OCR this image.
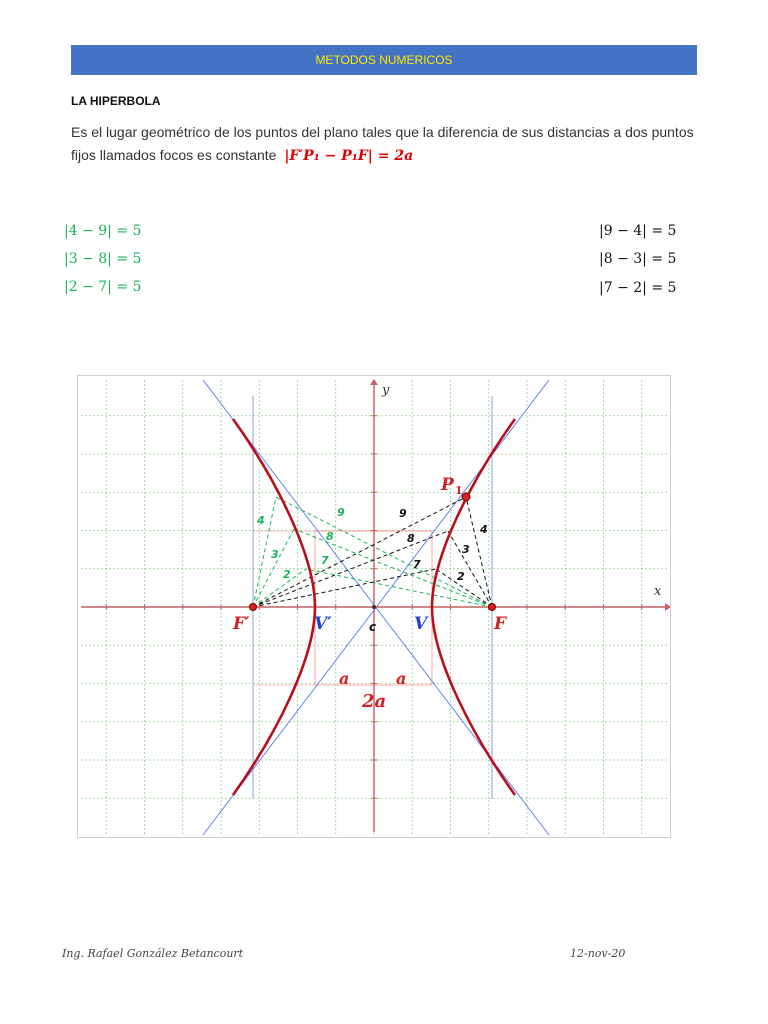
METODOS NUMERICOS
LA HIPERBOLA
Es el lugar geométrico de los puntos del plano tales que la diferencia de sus distancias a dos puntos fijos llamados focos es constante |F′P₁ − P₁F| = 2a
|4 − 9| = 5
|3 − 8| = 5
|2 − 7| = 5
|9 − 4| = 5
|8 − 3| = 5
|7 − 2| = 5
x
y
F′	F
V′	V
c
P 1
a	a
2a
4
3
2
9
8
7
9
8
7
4
3
2
Ing. Rafael González Betancourt	12-nov-20
